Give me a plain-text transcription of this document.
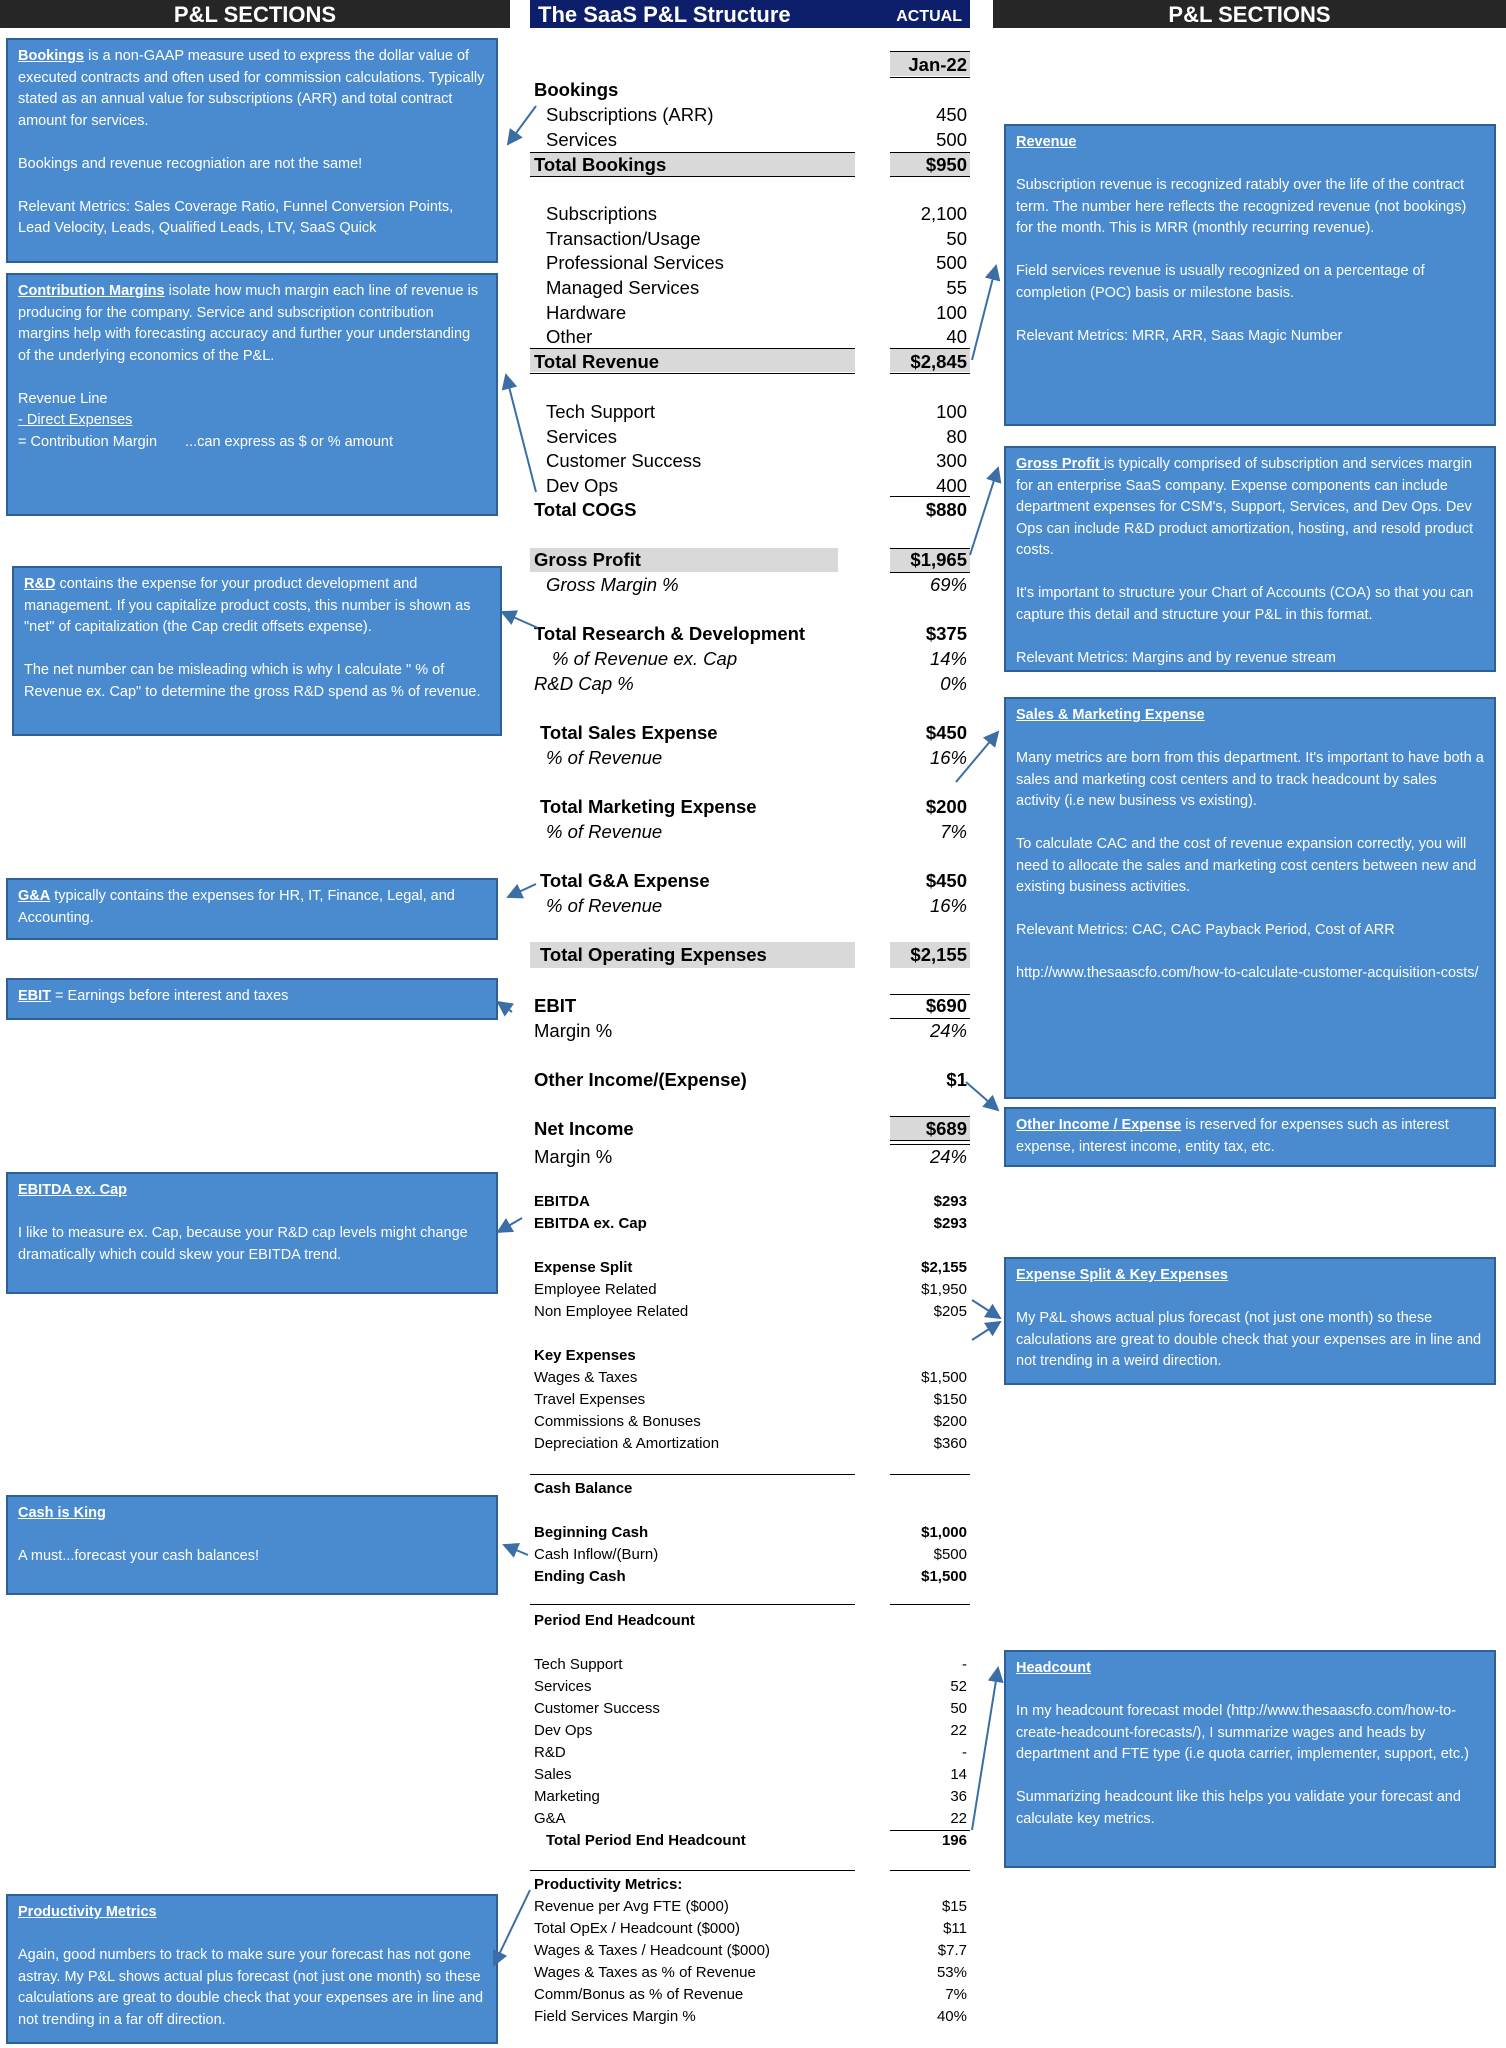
P&L SECTIONS	P&L SECTIONS
The SaaS P&L Structure	ACTUAL

Bookings is a non-GAAP measure used to express the dollar value of executed contracts and often used for commission calculations. Typically stated as an annual value for subscriptions (ARR) and total contract amount for services.

Bookings and revenue recogniation are not the same!

Relevant Metrics: Sales Coverage Ratio, Funnel Conversion Points, Lead Velocity, Leads, Qualified Leads, LTV, SaaS Quick

Contribution Margins isolate how much margin each line of revenue is producing for the company. Service and subscription contribution margins help with forecasting accuracy and further your understanding of the underlying economics of the P&L.

Revenue Line

- Direct Expenses

= Contribution Margin ...can express as $ or % amount

R&D contains the expense for your product development and management. If you capitalize product costs, this number is shown as "net" of capitalization (the Cap credit offsets expense).

The net number can be misleading which is why I calculate " % of Revenue ex. Cap" to determine the gross R&D spend as % of revenue.

G&A typically contains the expenses for HR, IT, Finance, Legal, and Accounting.

EBIT = Earnings before interest and taxes

EBITDA ex. Cap

I like to measure ex. Cap, because your R&D cap levels might change dramatically which could skew your EBITDA trend.

Cash is King

A must...forecast your cash balances!

Productivity Metrics

Again, good numbers to track to make sure your forecast has not gone astray. My P&L shows actual plus forecast (not just one month) so these calculations are great to double check that your expenses are in line and not trending in a far off direction.

Revenue

Subscription revenue is recognized ratably over the life of the contract term. The number here reflects the recognized revenue (not bookings) for the month. This is MRR (monthly recurring revenue).

Field services revenue is usually recognized on a percentage of completion (POC) basis or milestone basis.

Relevant Metrics: MRR, ARR, Saas Magic Number

Gross Profit is typically comprised of subscription and services margin for an enterprise SaaS company. Expense components can include department expenses for CSM's, Support, Services, and Dev Ops. Dev Ops can include R&D product amortization, hosting, and resold product costs.

It's important to structure your Chart of Accounts (COA) so that you can capture this detail and structure your P&L in this format.

Relevant Metrics: Margins and by revenue stream

Sales & Marketing Expense

Many metrics are born from this department. It's important to have both a sales and marketing cost centers and to track headcount by sales activity (i.e new business vs existing).

To calculate CAC and the cost of revenue expansion correctly, you will need to allocate the sales and marketing cost centers between new and existing business activities.

Relevant Metrics: CAC, CAC Payback Period, Cost of ARR

http://www.thesaascfo.com/how-to-calculate-customer-acquisition-costs/

Other Income / Expense is reserved for expenses such as interest expense, interest income, entity tax, etc.

Expense Split & Key Expenses

My P&L shows actual plus forecast (not just one month) so these calculations are great to double check that your expenses are in line and not trending in a weird direction.

Headcount

In my headcount forecast model (http://www.thesaascfo.com/how-to-create-headcount-forecasts/), I summarize wages and heads by department and FTE type (i.e quota carrier, implementer, support, etc.)

Summarizing headcount like this helps you validate your forecast and calculate key metrics.

Jan-22
Bookings
Subscriptions (ARR)	450
Services	500
Total Bookings	$950
Subscriptions	2,100
Transaction/Usage	50
Professional Services	500
Managed Services	55
Hardware	100
Other	40
Total Revenue	$2,845
Tech Support	100
Services	80
Customer Success	300
Dev Ops	400
Total COGS	$880
Gross Profit	$1,965
Gross Margin %	69%
Total Research & Development	$375
% of Revenue ex. Cap	14%
R&D Cap %	0%
Total Sales Expense	$450
% of Revenue	16%
Total Marketing Expense	$200
% of Revenue	7%
Total G&A Expense	$450
% of Revenue	16%
Total Operating Expenses	$2,155
EBIT	$690
Margin %	24%
Other Income/(Expense)	$1
Net Income	$689
Margin %	24%
EBITDA	$293
EBITDA ex. Cap	$293
Expense Split	$2,155
Employee Related	$1,950
Non Employee Related	$205
Key Expenses
Wages & Taxes	$1,500
Travel Expenses	$150
Commissions & Bonuses	$200
Depreciation & Amortization	$360
Cash Balance
Beginning Cash	$1,000
Cash Inflow/(Burn)	$500
Ending Cash	$1,500
Period End Headcount
Tech Support	-
Services	52
Customer Success	50
Dev Ops	22
R&D	-
Sales	14
Marketing	36
G&A	22
Total Period End Headcount	196
Productivity Metrics:
Revenue per Avg FTE ($000)	$15
Total OpEx / Headcount ($000)	$11
Wages & Taxes / Headcount ($000)	$7.7
Wages & Taxes as % of Revenue	53%
Comm/Bonus as % of Revenue	7%
Field Services Margin %	40%
